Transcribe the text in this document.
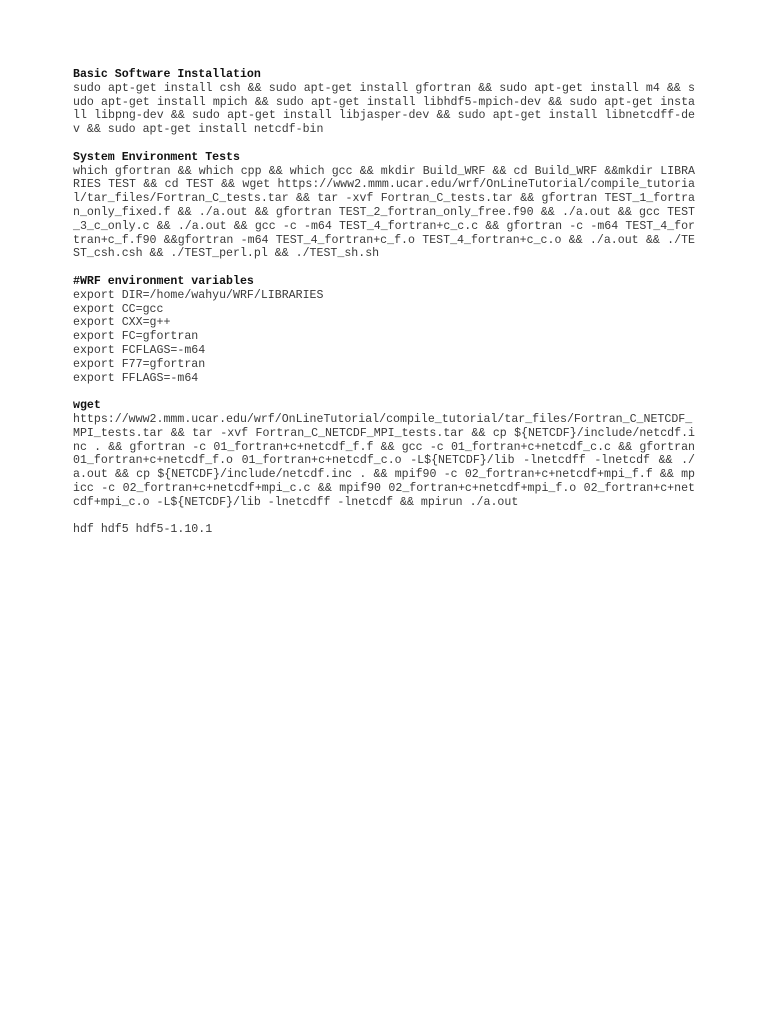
Basic Software Installation

sudo apt-get install csh && sudo apt-get install gfortran && sudo apt-get install m4 && sudo apt-get install mpich && sudo apt-get install libhdf5-mpich-dev && sudo apt-get install libpng-dev && sudo apt-get install libjasper-dev && sudo apt-get install libnetcdff-dev && sudo apt-get install netcdf-bin

System Environment Tests

which gfortran && which cpp && which gcc && mkdir Build_WRF && cd Build_WRF &&mkdir LIBRARIES TEST && cd TEST && wget https://www2.mmm.ucar.edu/wrf/OnLineTutorial/compile_tutorial/tar_files/Fortran_C_tests.tar && tar -xvf Fortran_C_tests.tar && gfortran TEST_1_fortran_only_fixed.f && ./a.out && gfortran TEST_2_fortran_only_free.f90 && ./a.out && gcc TEST_3_c_only.c && ./a.out && gcc -c -m64 TEST_4_fortran+c_c.c && gfortran -c -m64 TEST_4_fortran+c_f.f90 &&gfortran -m64 TEST_4_fortran+c_f.o TEST_4_fortran+c_c.o && ./a.out && ./TEST_csh.csh && ./TEST_perl.pl && ./TEST_sh.sh

#WRF environment variables

export DIR=/home/wahyu/WRF/LIBRARIES

export CC=gcc

export CXX=g++

export FC=gfortran

export FCFLAGS=-m64

export F77=gfortran

export FFLAGS=-m64

wget

https://www2.mmm.ucar.edu/wrf/OnLineTutorial/compile_tutorial/tar_files/Fortran_C_NETCDF_MPI_tests.tar && tar -xvf Fortran_C_NETCDF_MPI_tests.tar && cp ${NETCDF}/include/netcdf.inc . && gfortran -c 01_fortran+c+netcdf_f.f && gcc -c 01_fortran+c+netcdf_c.c && gfortran 01_fortran+c+netcdf_f.o 01_fortran+c+netcdf_c.o -L${NETCDF}/lib -lnetcdff -lnetcdf && ./a.out && cp ${NETCDF}/include/netcdf.inc . && mpif90 -c 02_fortran+c+netcdf+mpi_f.f && mpicc -c 02_fortran+c+netcdf+mpi_c.c && mpif90 02_fortran+c+netcdf+mpi_f.o 02_fortran+c+netcdf+mpi_c.o -L${NETCDF}/lib -lnetcdff -lnetcdf && mpirun ./a.out

hdf hdf5 hdf5-1.10.1
